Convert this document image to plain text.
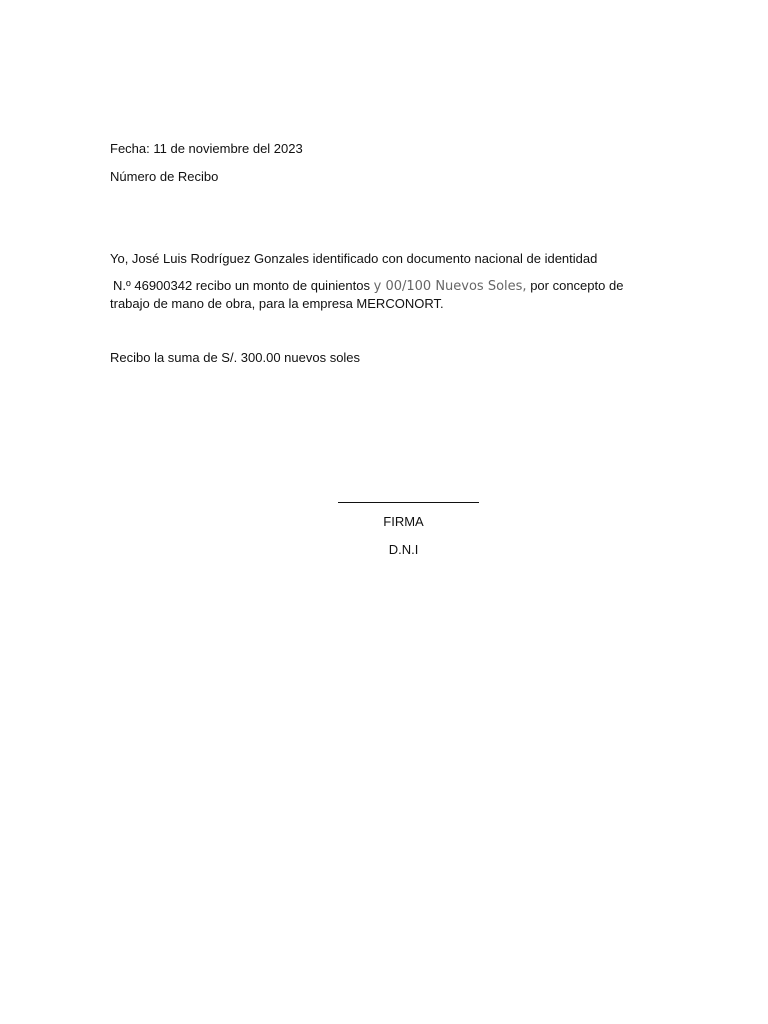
Fecha: 11 de noviembre del 2023
Número de Recibo
Yo, José Luis Rodríguez Gonzales identificado con documento nacional de identidad
N.º 46900342 recibo un monto de quinientos y 00/100 Nuevos Soles, por concepto de
trabajo de mano de obra, para la empresa MERCONORT.
Recibo la suma de S/. 300.00 nuevos soles
FIRMA
D.N.I
